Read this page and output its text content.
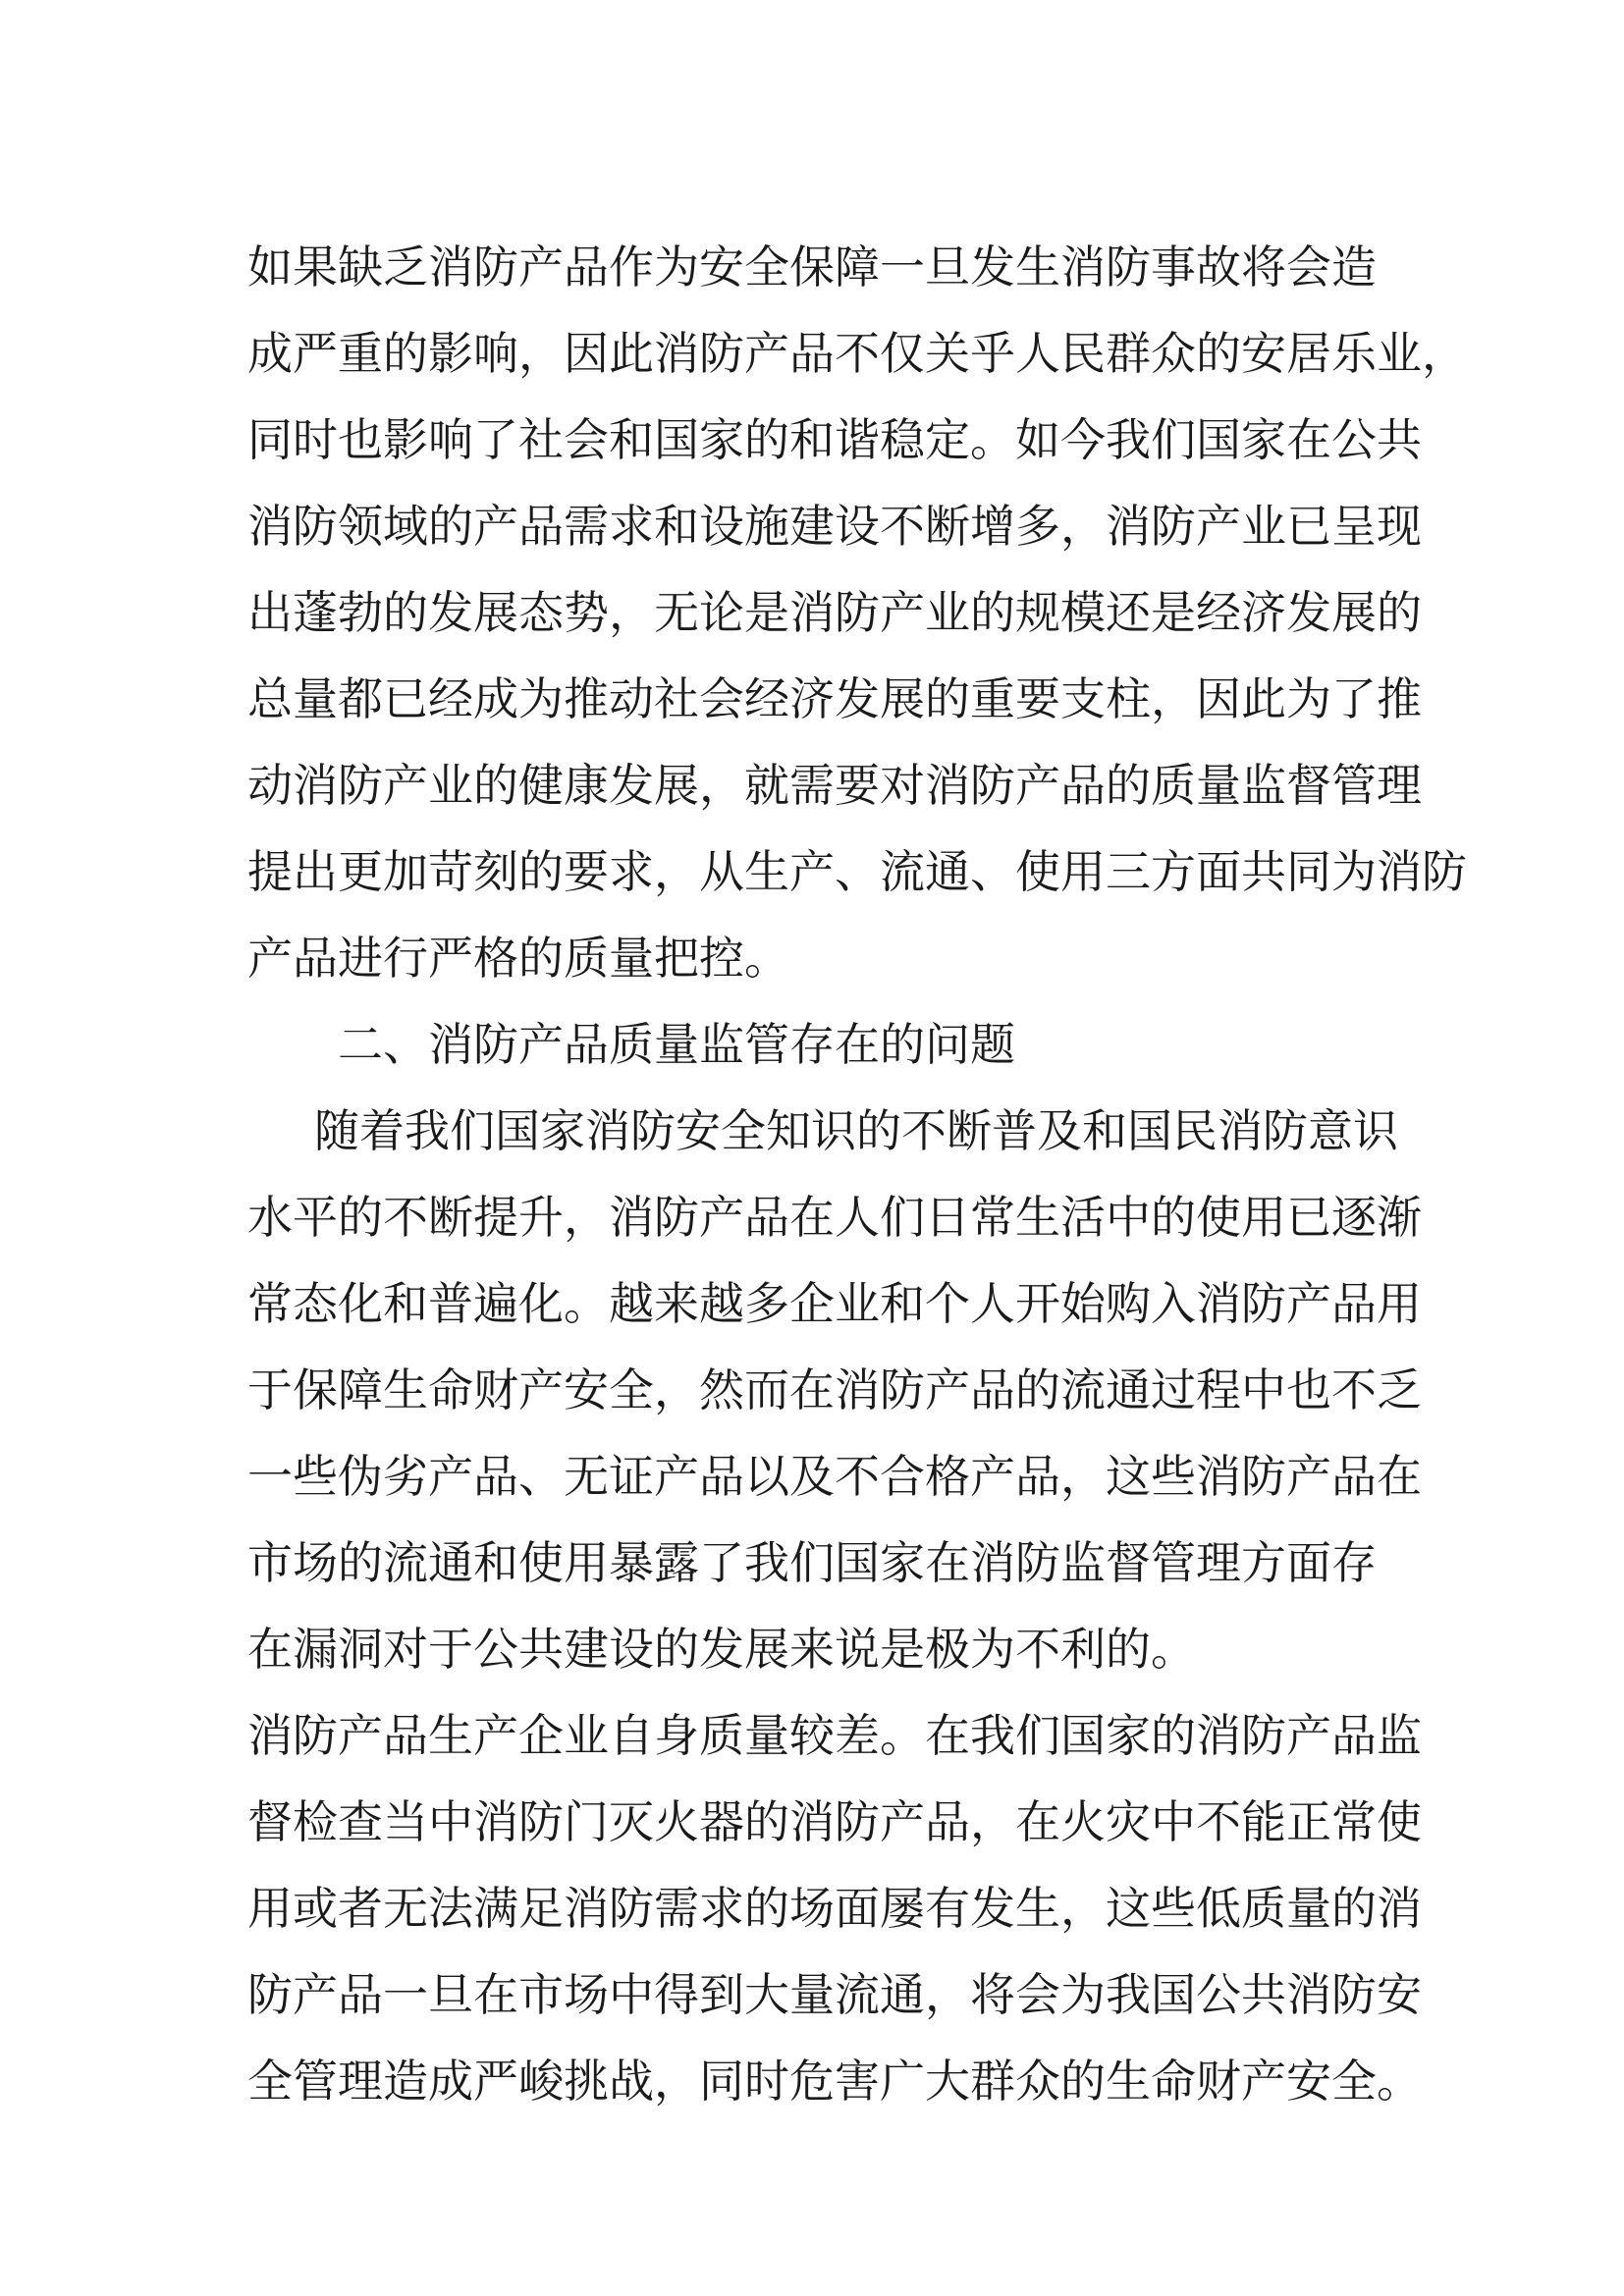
如果缺乏消防产品作为安全保障一旦发生消防事故将会造
成严重的影响，因此消防产品不仅关乎人民群众的安居乐业，
同时也影响了社会和国家的和谐稳定。如今我们国家在公共
消防领域的产品需求和设施建设不断增多，消防产业已呈现
出蓬勃的发展态势，无论是消防产业的规模还是经济发展的
总量都已经成为推动社会经济发展的重要支柱，因此为了推
动消防产业的健康发展，就需要对消防产品的质量监督管理
提出更加苛刻的要求，从生产、流通、使用三方面共同为消防
产品进行严格的质量把控。
二、消防产品质量监管存在的问题
随着我们国家消防安全知识的不断普及和国民消防意识
水平的不断提升，消防产品在人们日常生活中的使用已逐渐
常态化和普遍化。越来越多企业和个人开始购入消防产品用
于保障生命财产安全，然而在消防产品的流通过程中也不乏
一些伪劣产品、无证产品以及不合格产品，这些消防产品在
市场的流通和使用暴露了我们国家在消防监督管理方面存
在漏洞对于公共建设的发展来说是极为不利的。
消防产品生产企业自身质量较差。在我们国家的消防产品监
督检查当中消防门灭火器的消防产品，在火灾中不能正常使
用或者无法满足消防需求的场面屡有发生，这些低质量的消
防产品一旦在市场中得到大量流通，将会为我国公共消防安
全管理造成严峻挑战，同时危害广大群众的生命财产安全。
